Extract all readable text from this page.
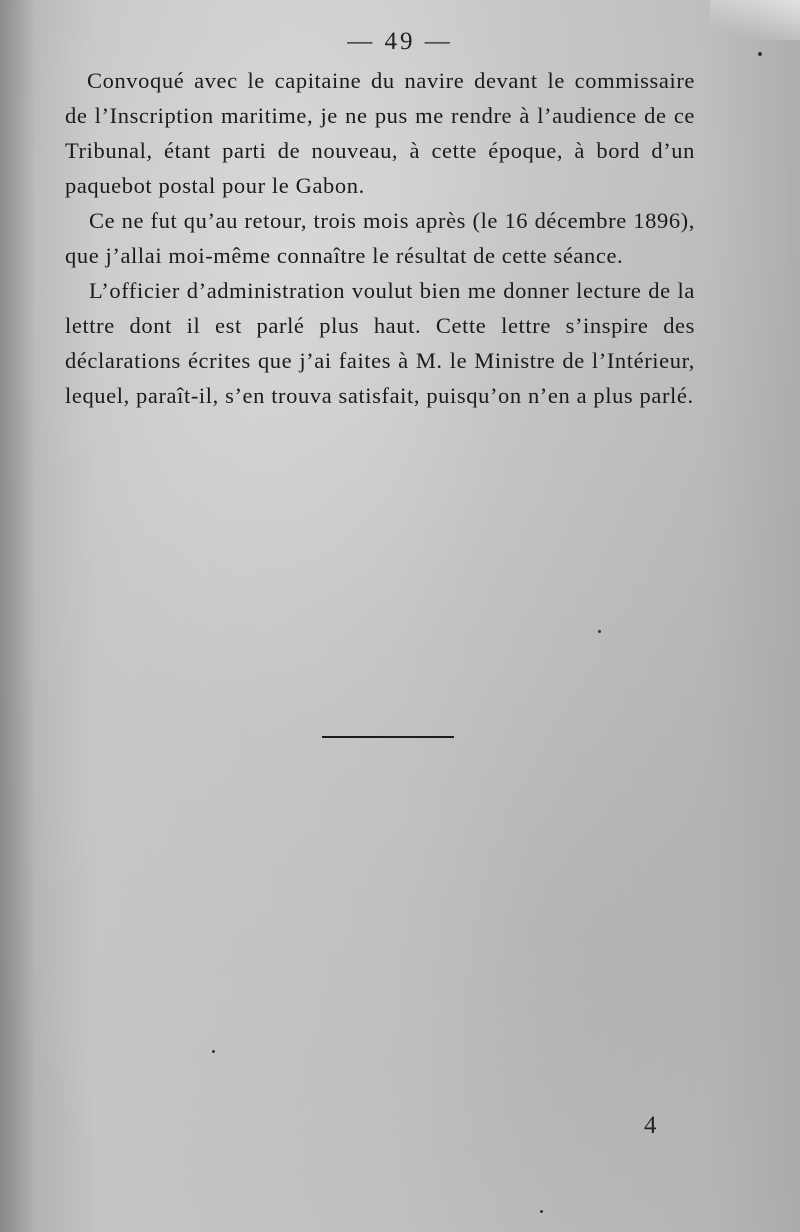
— 49 —

Convoqué avec le capitaine du navire devant le commissaire de l’Inscription maritime, je ne pus me rendre à l’audience de ce Tribunal, étant parti de nouveau, à cette époque, à bord d’un paquebot postal pour le Gabon.

Ce ne fut qu’au retour, trois mois après (le 16 décembre 1896), que j’allai moi-même connaître le résultat de cette séance.

L’officier d’administration voulut bien me donner lecture de la lettre dont il est parlé plus haut. Cette lettre s’inspire des déclarations écrites que j’ai faites à M. le Ministre de l’Intérieur, lequel, paraît-il, s’en trouva satisfait, puisqu’on n’en a plus parlé.

4
